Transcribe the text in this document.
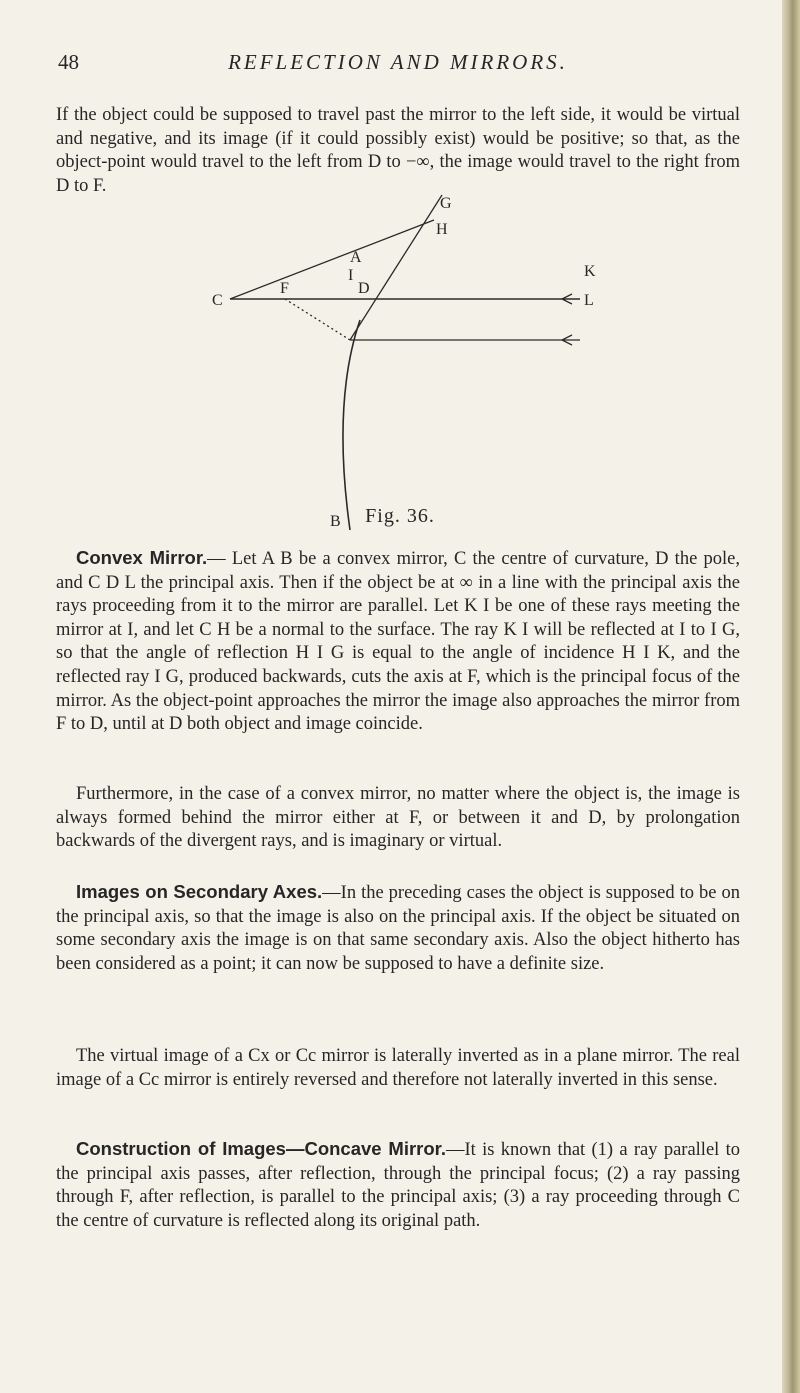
48	REFLECTION AND MIRRORS.

If the object could be supposed to travel past the mirror to the left side, it would be virtual and negative, and its image (if it could possibly exist) would be positive; so that, as the object-point would travel to the left from D to −∞, the image would travel to the right from D to F.

G
H
A
K
I
C
F	D
L
B	Fig. 36.

Convex Mirror.— Let A B be a convex mirror, C the centre of curvature, D the pole, and C D L the principal axis. Then if the object be at ∞ in a line with the principal axis the rays proceeding from it to the mirror are parallel. Let K I be one of these rays meeting the mirror at I, and let C H be a normal to the surface. The ray K I will be reflected at I to I G, so that the angle of reflection H I G is equal to the angle of incidence H I K, and the reflected ray I G, produced backwards, cuts the axis at F, which is the principal focus of the mirror. As the object-point approaches the mirror the image also approaches the mirror from F to D, until at D both object and image coincide.

Furthermore, in the case of a convex mirror, no matter where the object is, the image is always formed behind the mirror either at F, or between it and D, by prolongation backwards of the divergent rays, and is imaginary or virtual.

Images on Secondary Axes.—In the preceding cases the object is supposed to be on the principal axis, so that the image is also on the principal axis. If the object be situated on some secondary axis the image is on that same secondary axis. Also the object hitherto has been considered as a point; it can now be supposed to have a definite size.

The virtual image of a Cx or Cc mirror is laterally inverted as in a plane mirror. The real image of a Cc mirror is entirely reversed and therefore not laterally inverted in this sense.

Construction of Images—Concave Mirror.—It is known that (1) a ray parallel to the principal axis passes, after reflection, through the principal focus; (2) a ray passing through F, after reflection, is parallel to the principal axis; (3) a ray proceeding through C the centre of curvature is reflected along its original path.
